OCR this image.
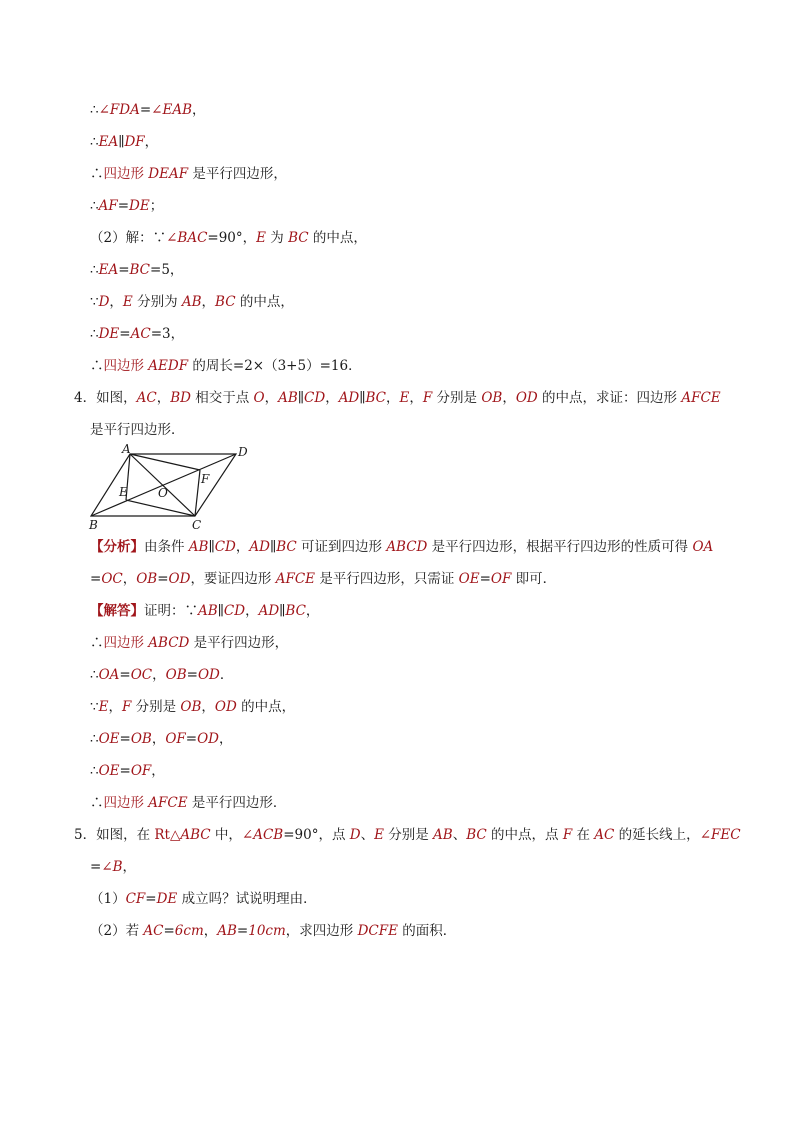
∴∠FDA=∠EAB，
∴EA∥DF，
∴四边形 DEAF 是平行四边形，
∴AF=DE；
（2）解：∵∠BAC=90°，E 为 BC 的中点，
∴EA=BC=5，
∵D，E 分别为 AB，BC 的中点，
∴DE=AC=3，
∴四边形 AEDF 的周长=2×（3+5）=16．
4．如图，AC，BD 相交于点 O，AB∥CD，AD∥BC，E，F 分别是 OB，OD 的中点，求证：四边形 AFCE
是平行四边形．
A	D
F
E	O
B	C
【分析】由条件 AB∥CD，AD∥BC 可证到四边形 ABCD 是平行四边形，根据平行四边形的性质可得 OA
=OC，OB=OD，要证四边形 AFCE 是平行四边形，只需证 OE=OF 即可．
【解答】证明：∵AB∥CD，AD∥BC，
∴四边形 ABCD 是平行四边形，
∴OA=OC，OB=OD．
∵E，F 分别是 OB，OD 的中点，
∴OE=OB，OF=OD，
∴OE=OF，
∴四边形 AFCE 是平行四边形．
5．如图，在 Rt△ABC 中，∠ACB=90°，点 D、E 分别是 AB、BC 的中点，点 F 在 AC 的延长线上，∠FEC
=∠B，
（1）CF=DE 成立吗？试说明理由．
（2）若 AC=6cm，AB=10cm，求四边形 DCFE 的面积．
